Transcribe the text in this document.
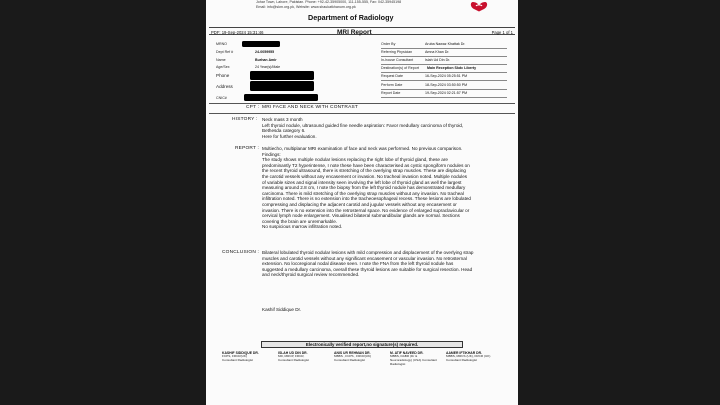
Johar Town, Lahore, Pakistan. Phone: +92-42-35905000, 111-155-555, Fax: 042-35945198
Email: info@skm.org.pk, Website: www.shaukatkhanum.org.pk
Department of Radiology
PDF: 19-Sep-2024 15:31:46	MRI Report	Page 1 of 1
MRNO
Dept Ref #	24-0059955
Name	Burhan Amir
Age/Sex	24 Year(s)/Male
Phone
Address
CNIC#
Order By	Aruba Nawaz Khattak Dr.
Referring Physician	Amna Khan Dr.
In-house Consultant	Islah Ud Din Dr.
Destination(s) of Report Main Reception Skdc Liberty
Request Date	16-Sep-2024 05:25:51 PM
Perform Date	18-Sep-2024 03:50:50 PM
Report Date	19-Sep-2024 02:21:57 PM
CPT : MRI FACE AND NECK WITH CONTRAST
HISTORY : Neck mass 3 month
Left thyroid nodule, ultrasound guided fine needle aspiration: Favor medullary carcinoma of thyroid,
Bethesda category 6.
Here for further evaluation.
REPORT : Multiecho, multiplanar MRI examination of face and neck was performed. No previous comparison.
Findings:
The study shows multiple nodular lesions replacing the right lobe of thyroid gland, these are
predominantly T2 hyperintense, I note these have been characterised as cystic spongiform nodules on
the recent thyroid ultrasound, there is stretching of the overlying strap muscles. These are displacing
the carotid vessels without any encasement or invasion. No tracheal invasion noted. Multiple nodules
of variable sizes and signal intensity seen involving the left lobe of thyroid gland as well the largest
measuring around 2.8 cm, I note the biopsy from the left thyroid nodule has demonstrated medullary
carcinoma. There is mild stretching of the overlying strap muscles without any invasion. No tracheal
infiltration noted. There is no extension into the tracheoesophageal recess. These lesions are lobulated
compressing and displacing the adjacent carotid and jugular vessels without any encasement or
invasion. There is no extension into the retrosternal space. No evidence of enlarged supraclavicular or
cervical lymph node enlargement. Visualised bilateral submandibular glands are normal. Sections
covering the brain are unremarkable.
No suspicious marrow infiltration noted.
CONCLUSION : Bilateral lobulated thyroid nodular lesions with mild compression and displacement of the overlying strap
muscles and carotid vessels without any significant encasement or vascular invasion. No retrosternal
extension. No locoregional nodal disease seen. I note the FNA from the left thyroid nodule has
suggested a medullary carcinoma, overall these thyroid lesions are suitable for surgical resection. Head
and neck/thyroid surgical review recommended.
Kashif Siddique Dr.
Electronically verified report,no signature(s) required.
KASHIF SIDDIQUE DR.
FCPS, FRCR(UK)
Consultant Radiologist
ISLAH UD DIN DR.
MD, MRCP, FRCR,
Consultant Radiologist
ANIS UR REHMAN DR.
MBBS , FCPS , FRCR(UK)
Consultant Radiologist
M. ATIF NAVEED DR.
MBBS, DABR (Dr &
Neuroradiology) (USA) Consultant Radiologist
AAMER IFTIKHAR DR.
MBBS, MRCS (UK), FRCR (UK)
Consultant Radiologist
